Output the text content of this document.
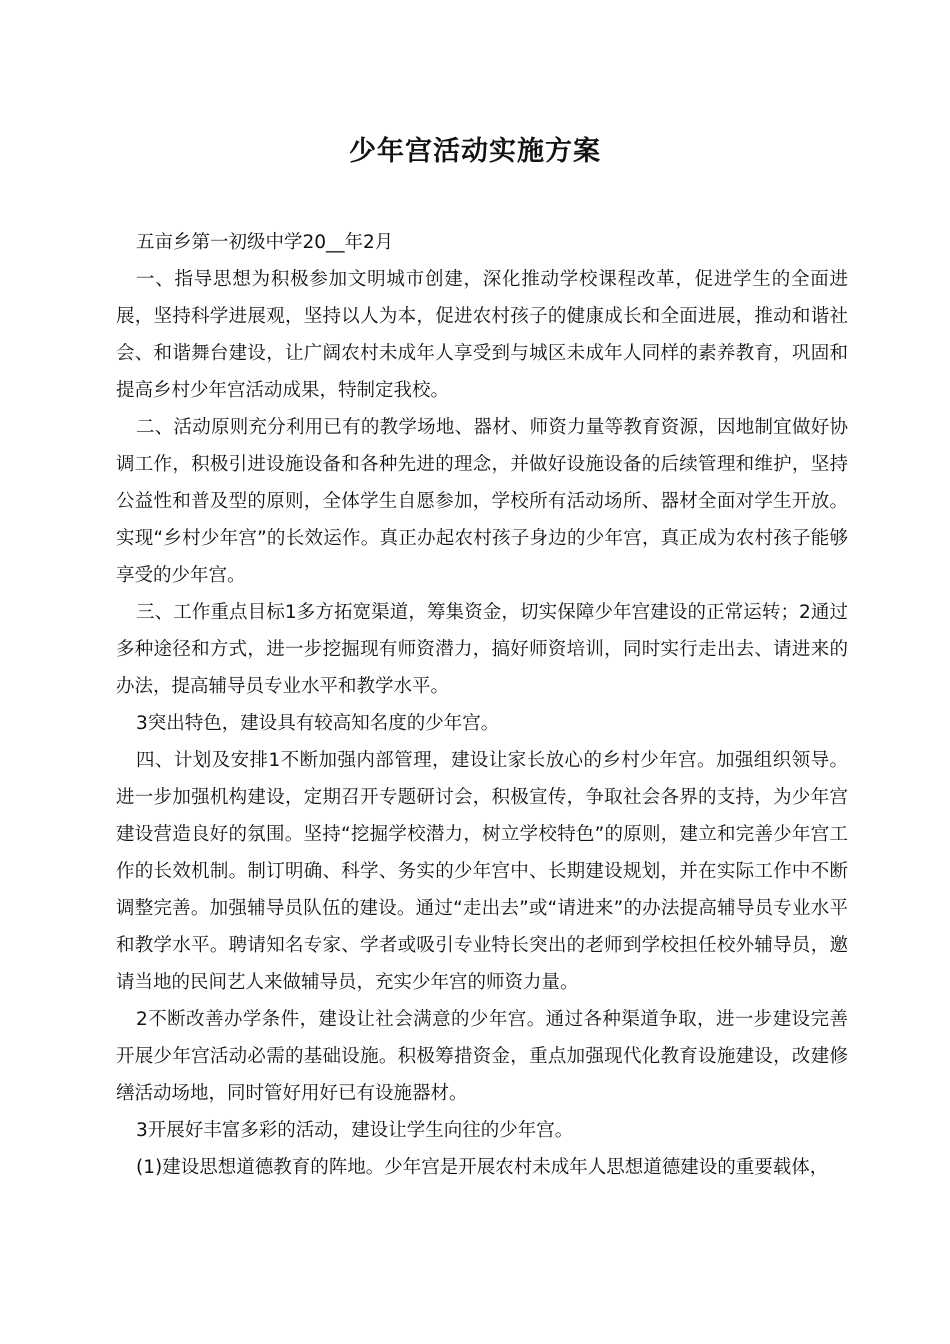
少年宫活动实施方案

五亩乡第一初级中学20__年2月

一、指导思想为积极参加文明城市创建，深化推动学校课程改革，促进学生的全面进展，坚持科学进展观，坚持以人为本，促进农村孩子的健康成长和全面进展，推动和谐社会、和谐舞台建设，让广阔农村未成年人享受到与城区未成年人同样的素养教育，巩固和提高乡村少年宫活动成果，特制定我校。

二、活动原则充分利用已有的教学场地、器材、师资力量等教育资源，因地制宜做好协调工作，积极引进设施设备和各种先进的理念，并做好设施设备的后续管理和维护，坚持公益性和普及型的原则，全体学生自愿参加，学校所有活动场所、器材全面对学生开放。实现“乡村少年宫”的长效运作。真正办起农村孩子身边的少年宫，真正成为农村孩子能够享受的少年宫。

三、工作重点目标1多方拓宽渠道，筹集资金，切实保障少年宫建设的正常运转；2通过多种途径和方式，进一步挖掘现有师资潜力，搞好师资培训，同时实行走出去、请进来的办法，提高辅导员专业水平和教学水平。

3突出特色，建设具有较高知名度的少年宫。

四、计划及安排1不断加强内部管理，建设让家长放心的乡村少年宫。加强组织领导。进一步加强机构建设，定期召开专题研讨会，积极宣传，争取社会各界的支持，为少年宫建设营造良好的氛围。坚持“挖掘学校潜力，树立学校特色”的原则，建立和完善少年宫工作的长效机制。制订明确、科学、务实的少年宫中、长期建设规划，并在实际工作中不断调整完善。加强辅导员队伍的建设。通过“走出去”或“请进来”的办法提高辅导员专业水平和教学水平。聘请知名专家、学者或吸引专业特长突出的老师到学校担任校外辅导员，邀请当地的民间艺人来做辅导员，充实少年宫的师资力量。

2不断改善办学条件，建设让社会满意的少年宫。通过各种渠道争取，进一步建设完善开展少年宫活动必需的基础设施。积极筹措资金，重点加强现代化教育设施建设，改建修缮活动场地，同时管好用好已有设施器材。

3开展好丰富多彩的活动，建设让学生向往的少年宫。

(1)建设思想道德教育的阵地。少年宫是开展农村未成年人思想道德建设的重要载体，
